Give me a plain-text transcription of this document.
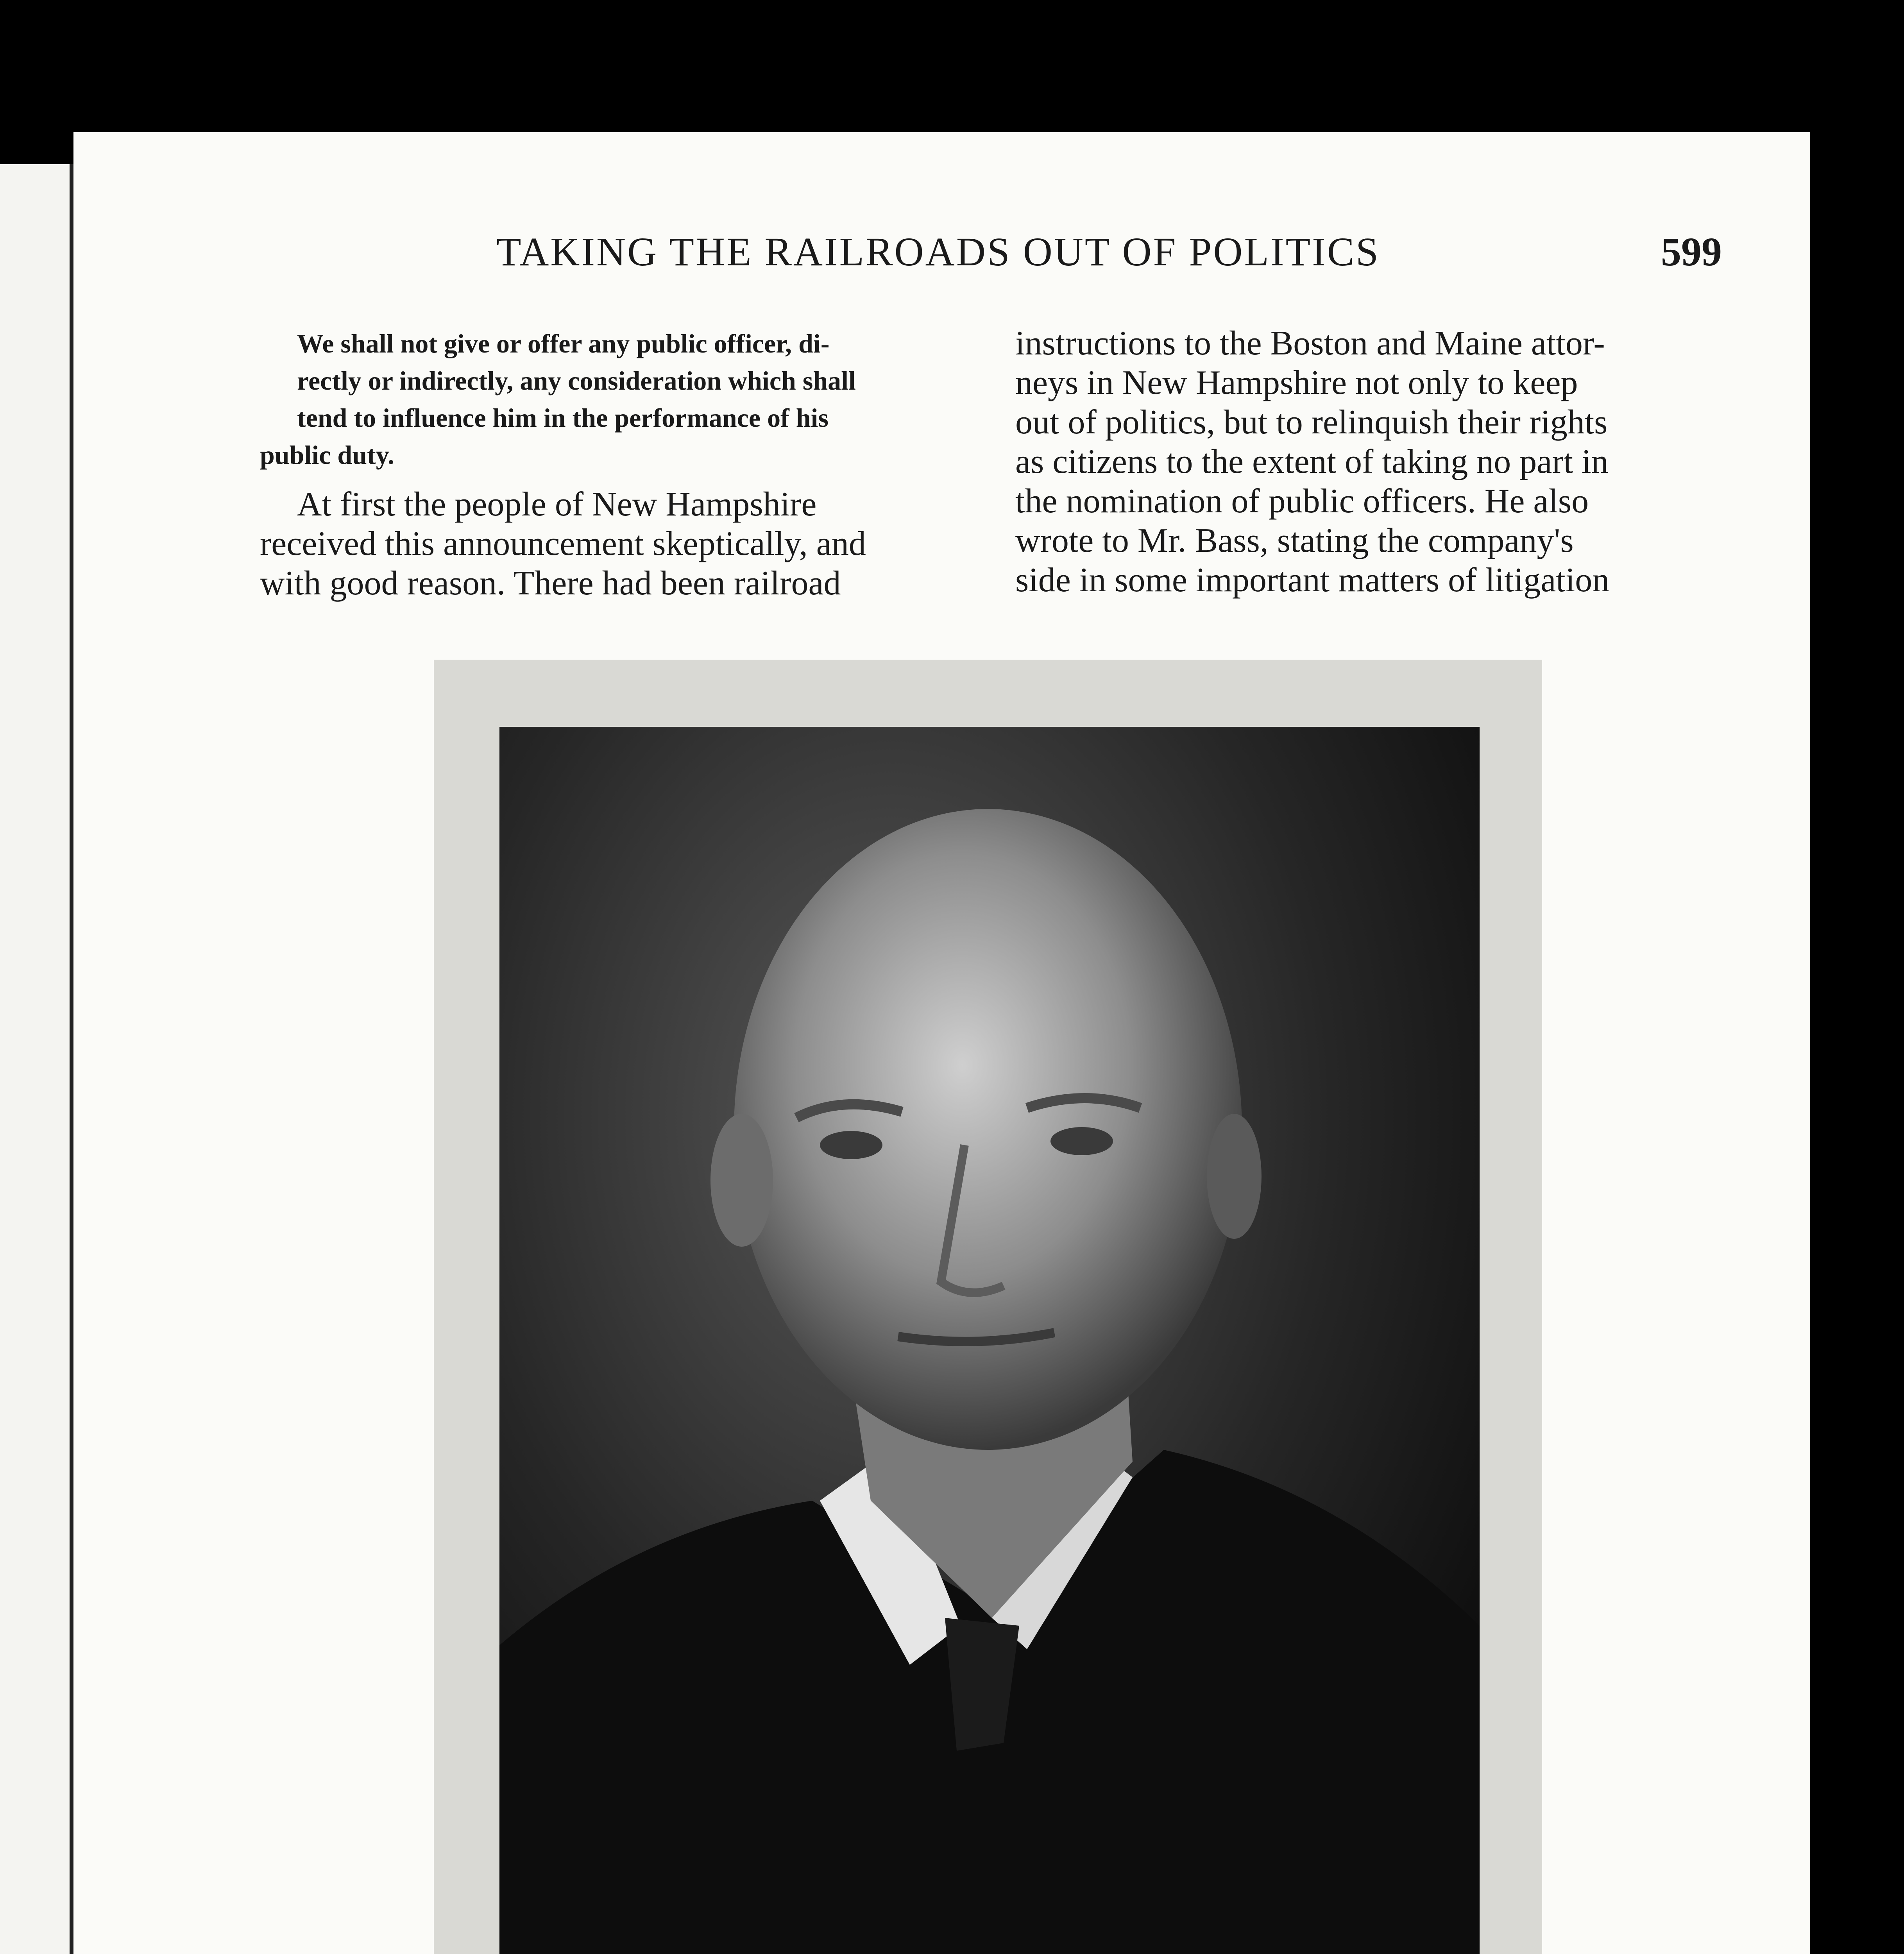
TAKING THE RAILROADS OUT OF POLITICS	599
We shall not give or offer any public officer, di-
rectly or indirectly, any consideration which shall
tend to influence him in the performance of his
public duty.
At first the people of New Hampshire
received this announcement skeptically, and
with good reason. There had been railroad
instructions to the Boston and Maine attor-
neys in New Hampshire not only to keep
out of politics, but to relinquish their rights
as citizens to the extent of taking no part in
the nomination of public officers. He also
wrote to Mr. Bass, stating the company's
side in some important matters of litigation
